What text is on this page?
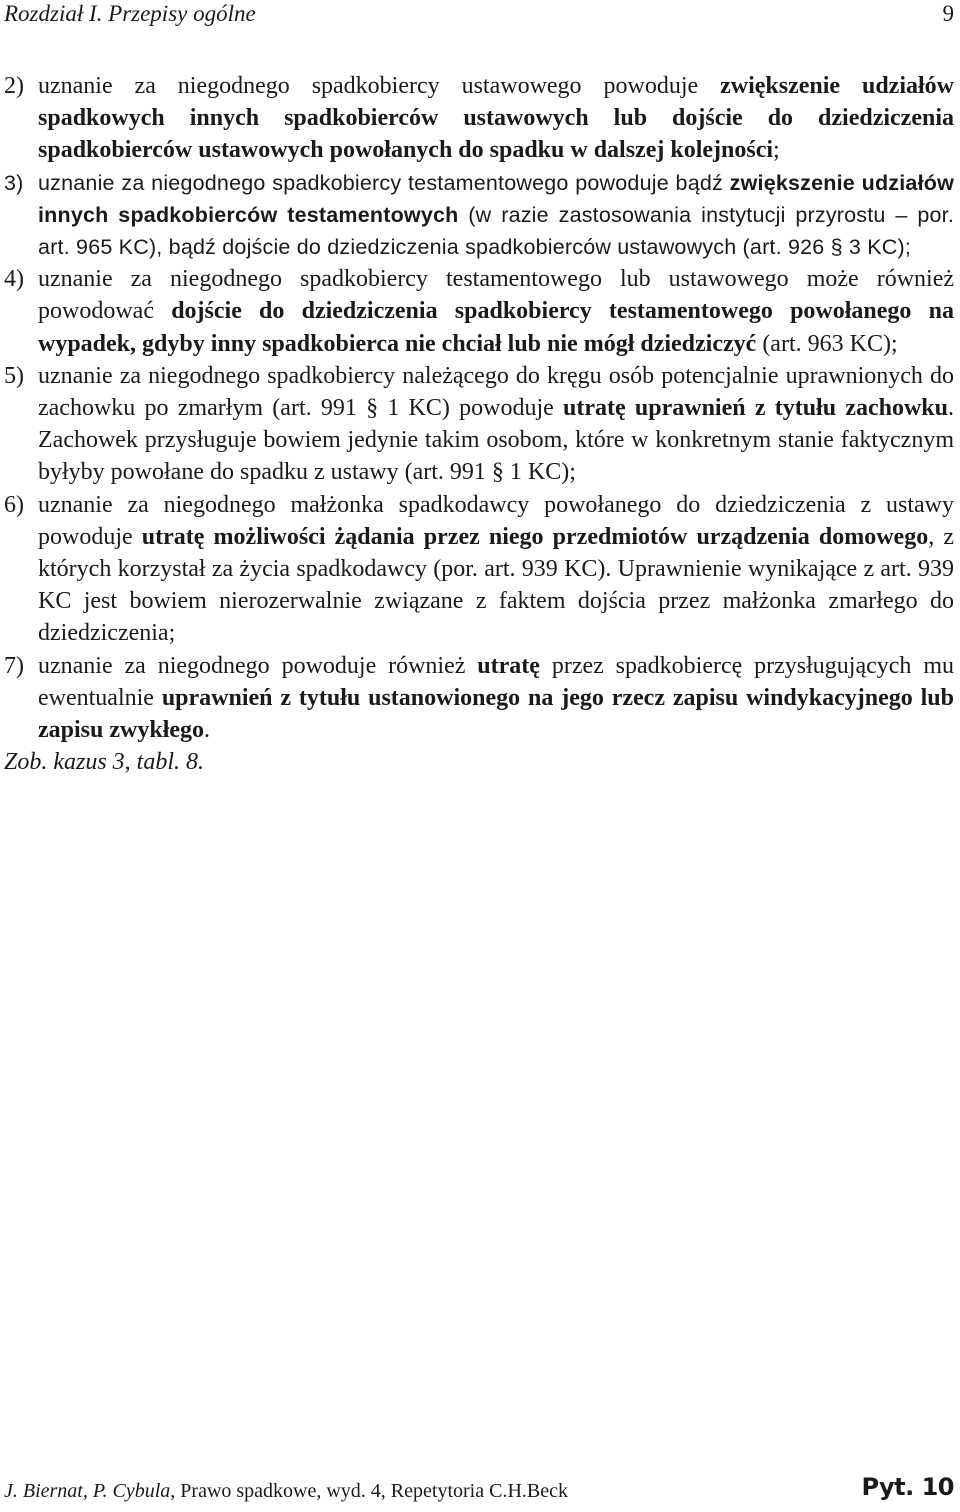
Rozdział I. Przepisy ogólne	9
2) uznanie za niegodnego spadkobiercy ustawowego powoduje zwiększenie udziałów spadkowych innych spadkobierców ustawowych lub dojście do dziedziczenia spadkobierców ustawowych powołanych do spadku w dalszej kolejności;
3) uznanie za niegodnego spadkobiercy testamentowego powoduje bądź zwiększenie udziałów innych spadkobierców testamentowych (w razie zastosowania instytucji przyrostu – por. art. 965 KC), bądź dojście do dziedziczenia spadkobierców ustawowych (art. 926 § 3 KC);
4) uznanie za niegodnego spadkobiercy testamentowego lub ustawowego może również powodować dojście do dziedziczenia spadkobiercy testamentowego powołanego na wypadek, gdyby inny spadkobierca nie chciał lub nie mógł dziedziczyć (art. 963 KC);
5) uznanie za niegodnego spadkobiercy należącego do kręgu osób potencjalnie uprawnionych do zachowku po zmarłym (art. 991 § 1 KC) powoduje utratę uprawnień z tytułu zachowku. Zachowek przysługuje bowiem jedynie takim osobom, które w konkretnym stanie faktycznym byłyby powołane do spadku z ustawy (art. 991 § 1 KC);
6) uznanie za niegodnego małżonka spadkodawcy powołanego do dziedziczenia z ustawy powoduje utratę możliwości żądania przez niego przedmiotów urządzenia domowego, z których korzystał za życia spadkodawcy (por. art. 939 KC). Uprawnienie wynikające z art. 939 KC jest bowiem nierozerwalnie związane z faktem dojścia przez małżonka zmarłego do dziedziczenia;
7) uznanie za niegodnego powoduje również utratę przez spadkobiercę przysługujących mu ewentualnie uprawnień z tytułu ustanowionego na jego rzecz zapisu windykacyjnego lub zapisu zwykłego.
Zob. kazus 3, tabl. 8.
J. Biernat, P. Cybula, Prawo spadkowe, wyd. 4, Repetytoria C.H.Beck	Pyt. 10
